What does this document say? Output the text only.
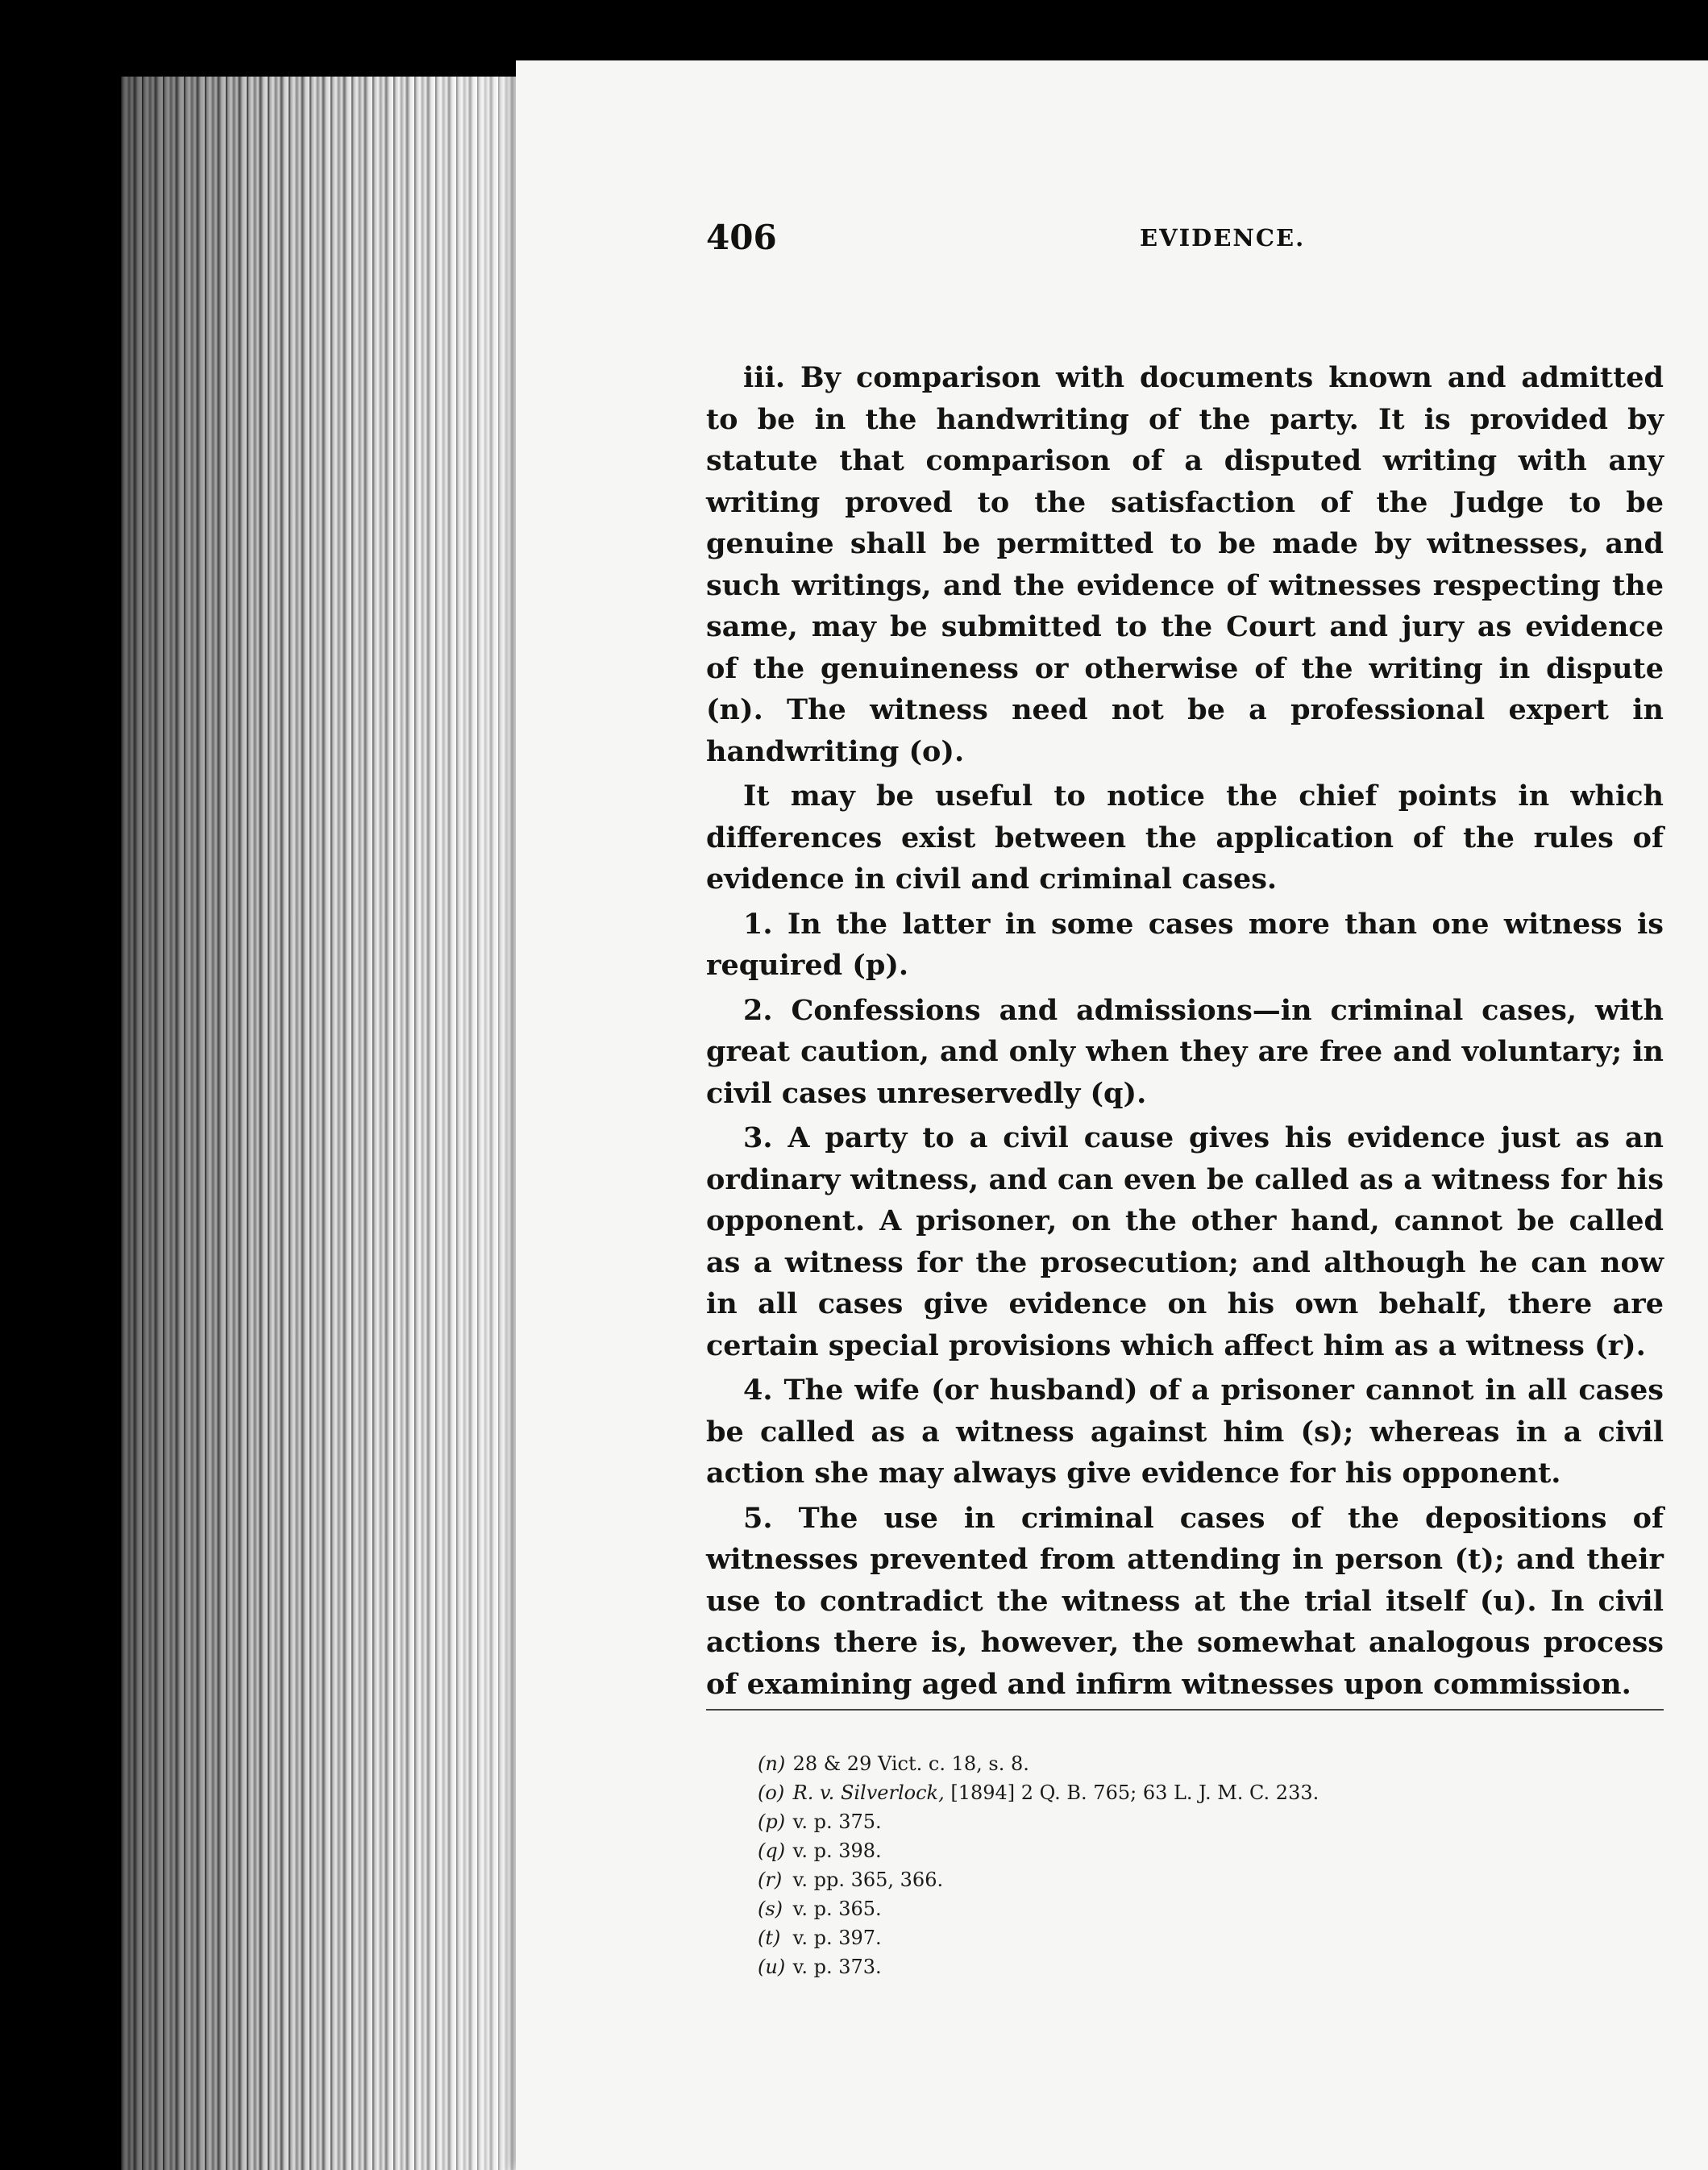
406	EVIDENCE.

iii. By comparison with documents known and admitted to be in the handwriting of the party. It is provided by statute that comparison of a disputed writing with any writing proved to the satisfaction of the Judge to be genuine shall be permitted to be made by witnesses, and such writings, and the evidence of witnesses respecting the same, may be submitted to the Court and jury as evidence of the genuineness or otherwise of the writing in dispute (n). The witness need not be a professional expert in handwriting (o).

It may be useful to notice the chief points in which differences exist between the application of the rules of evidence in civil and criminal cases.

1. In the latter in some cases more than one witness is required (p).

2. Confessions and admissions—in criminal cases, with great caution, and only when they are free and voluntary; in civil cases unreservedly (q).

3. A party to a civil cause gives his evidence just as an ordinary witness, and can even be called as a witness for his opponent. A prisoner, on the other hand, cannot be called as a witness for the prosecution; and although he can now in all cases give evidence on his own behalf, there are certain special provisions which affect him as a witness (r).

4. The wife (or husband) of a prisoner cannot in all cases be called as a witness against him (s); whereas in a civil action she may always give evidence for his opponent.

5. The use in criminal cases of the depositions of witnesses prevented from attending in person (t); and their use to contradict the witness at the trial itself (u). In civil actions there is, however, the somewhat analogous process of examining aged and infirm witnesses upon commission.

(n) 28 & 29 Vict. c. 18, s. 8.
(o) R. v. Silverlock, [1894] 2 Q. B. 765; 63 L. J. M. C. 233.
(p) v. p. 375.
(q) v. p. 398.
(r) v. pp. 365, 366.
(s) v. p. 365.
(t) v. p. 397.
(u) v. p. 373.
